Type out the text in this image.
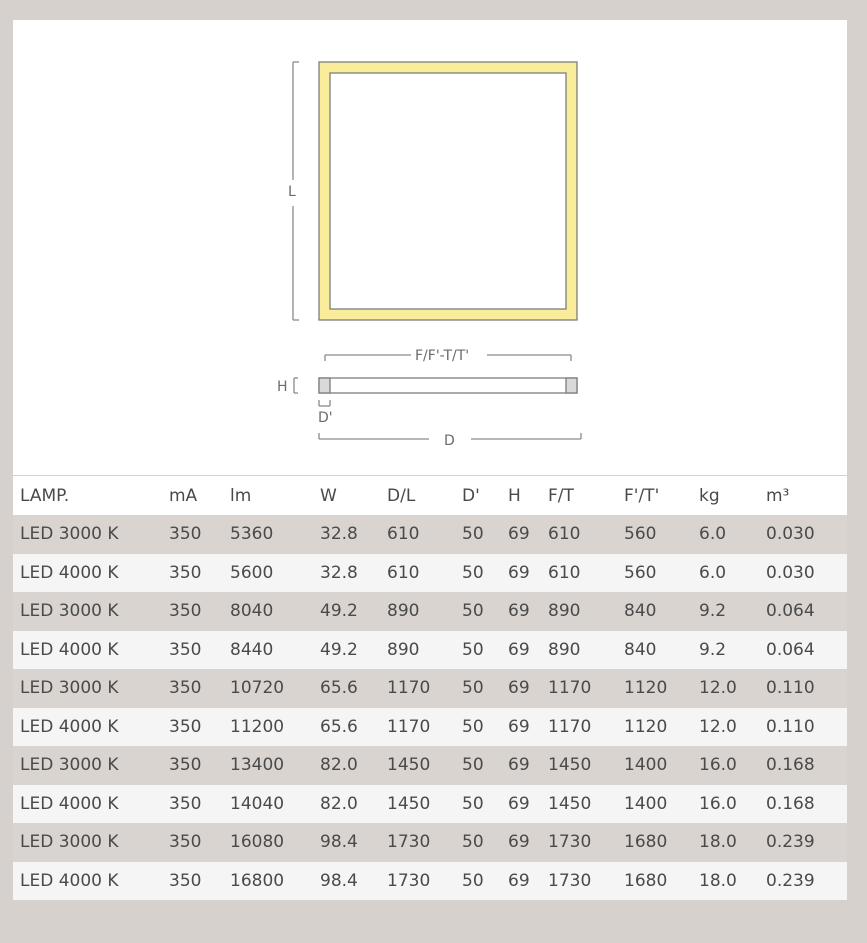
L
F/F'-T/T'
H
D'
D
LAMP.	mA	lm	W	D/L	D'	H	F/T	F'/T'	kg	m³
LED 3000 K	350	5360	32.8	610	50	69	610	560	6.0	0.030
LED 4000 K	350	5600	32.8	610	50	69	610	560	6.0	0.030
LED 3000 K	350	8040	49.2	890	50	69	890	840	9.2	0.064
LED 4000 K	350	8440	49.2	890	50	69	890	840	9.2	0.064
LED 3000 K	350	10720	65.6	1170	50	69	1170	1120	12.0	0.110
LED 4000 K	350	11200	65.6	1170	50	69	1170	1120	12.0	0.110
LED 3000 K	350	13400	82.0	1450	50	69	1450	1400	16.0	0.168
LED 4000 K	350	14040	82.0	1450	50	69	1450	1400	16.0	0.168
LED 3000 K	350	16080	98.4	1730	50	69	1730	1680	18.0	0.239
LED 4000 K	350	16800	98.4	1730	50	69	1730	1680	18.0	0.239
